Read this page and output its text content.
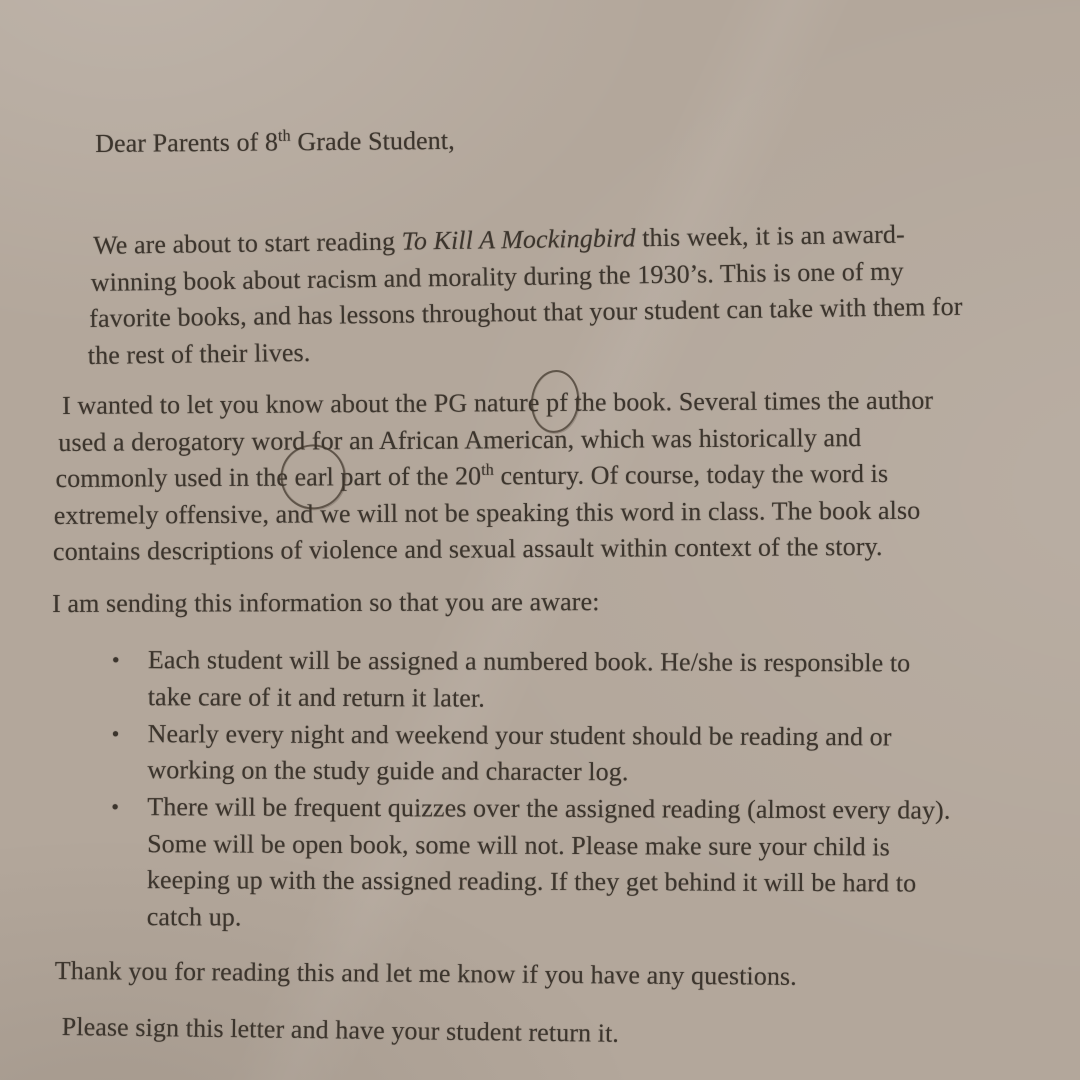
Dear Parents of 8th Grade Student,
We are about to start reading To Kill A Mockingbird this week, it is an award-
winning book about racism and morality during the 1930’s. This is one of my
favorite books, and has lessons throughout that your student can take with them for
the rest of their lives.
I wanted to let you know about the PG nature
pf the book. Several times the author
used a derogatory word for an African American, which was historically and
commonly used in the
earl part of the 20th century. Of course, today the word is
extremely offensive, and we will not be speaking this word in class. The book also
contains descriptions of violence and sexual assault within context of the story.
I am sending this information so that you are aware:
•	Each student will be assigned a numbered book. He/she is responsible to
take care of it and return it later.
•	Nearly every night and weekend your student should be reading and or
working on the study guide and character log.
•	There will be frequent quizzes over the assigned reading (almost every day).
Some will be open book, some will not. Please make sure your child is
keeping up with the assigned reading. If they get behind it will be hard to
catch up.
Thank you for reading this and let me know if you have any questions.
Please sign this letter and have your student return it.
